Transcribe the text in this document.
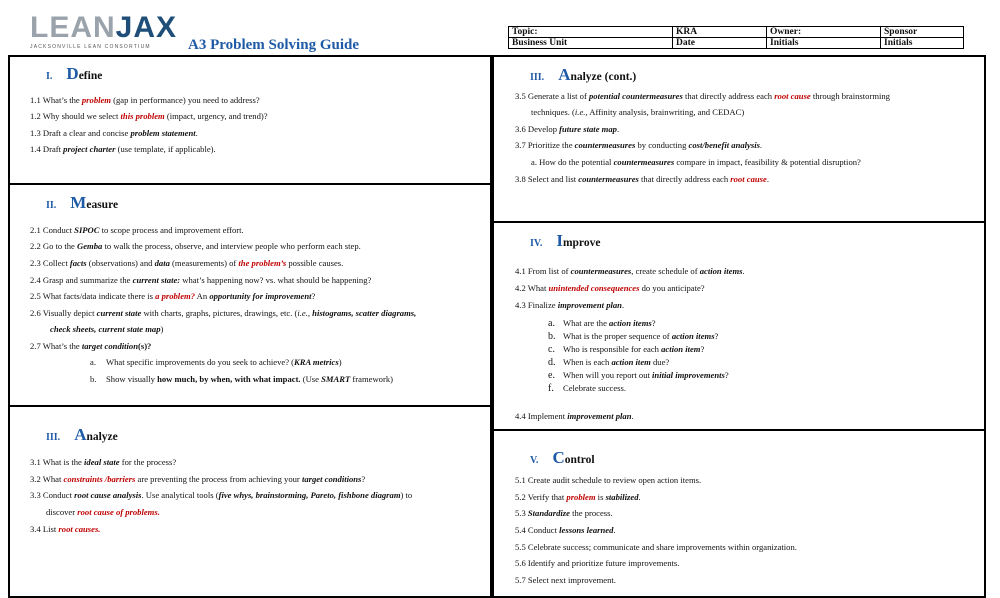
LEANJAX
JACKSONVILLE LEAN CONSORTIUM	A3 Problem Solving Guide
Topic:	KRA	Owner:	Sponsor
Business Unit	Date	Initials	Initials
I. Define
1.1 What’s the problem (gap in performance) you need to address?
1.2 Why should we select this problem (impact, urgency, and trend)?
1.3 Draft a clear and concise problem statement.
1.4 Draft project charter (use template, if applicable).
II. Measure
2.1 Conduct SIPOC to scope process and improvement effort.
2.2 Go to the Gemba to walk the process, observe, and interview people who perform each step.
2.3 Collect facts (observations) and data (measurements) of the problem’s possible causes.
2.4 Grasp and summarize the current state: what’s happening now? vs. what should be happening?
2.5 What facts/data indicate there is a problem? An opportunity for improvement?
2.6 Visually depict current state with charts, graphs, pictures, drawings, etc. (i.e., histograms, scatter diagrams,
check sheets, current state map)
2.7 What’s the target condition(s)?
a. What specific improvements do you seek to achieve? (KRA metrics)
b. Show visually how much, by when, with what impact. (Use SMART framework)
III. Analyze
3.1 What is the ideal state for the process?
3.2 What constraints /barriers are preventing the process from achieving your target conditions?
3.3 Conduct root cause analysis. Use analytical tools (five whys, brainstorming, Pareto, fishbone diagram) to
discover root cause of problems.
3.4 List root causes.
III. Analyze (cont.)
3.5 Generate a list of potential countermeasures that directly address each root cause through brainstorming
techniques. (i.e., Affinity analysis, brainwriting, and CEDAC)
3.6 Develop future state map.
3.7 Prioritize the countermeasures by conducting cost/benefit analysis.
a. How do the potential countermeasures compare in impact, feasibility & potential disruption?
3.8 Select and list countermeasures that directly address each root cause.
IV. Improve
4.1 From list of countermeasures, create schedule of action items.
4.2 What unintended consequences do you anticipate?
4.3 Finalize improvement plan.
a. What are the action items?
b. What is the proper sequence of action items?
c. Who is responsible for each action item?
d. When is each action item due?
e. When will you report out initial improvements?
f. Celebrate success.
4.4 Implement improvement plan.
V. Control
5.1 Create audit schedule to review open action items.
5.2 Verify that problem is stabilized.
5.3 Standardize the process.
5.4 Conduct lessons learned.
5.5 Celebrate success; communicate and share improvements within organization.
5.6 Identify and prioritize future improvements.
5.7 Select next improvement.
